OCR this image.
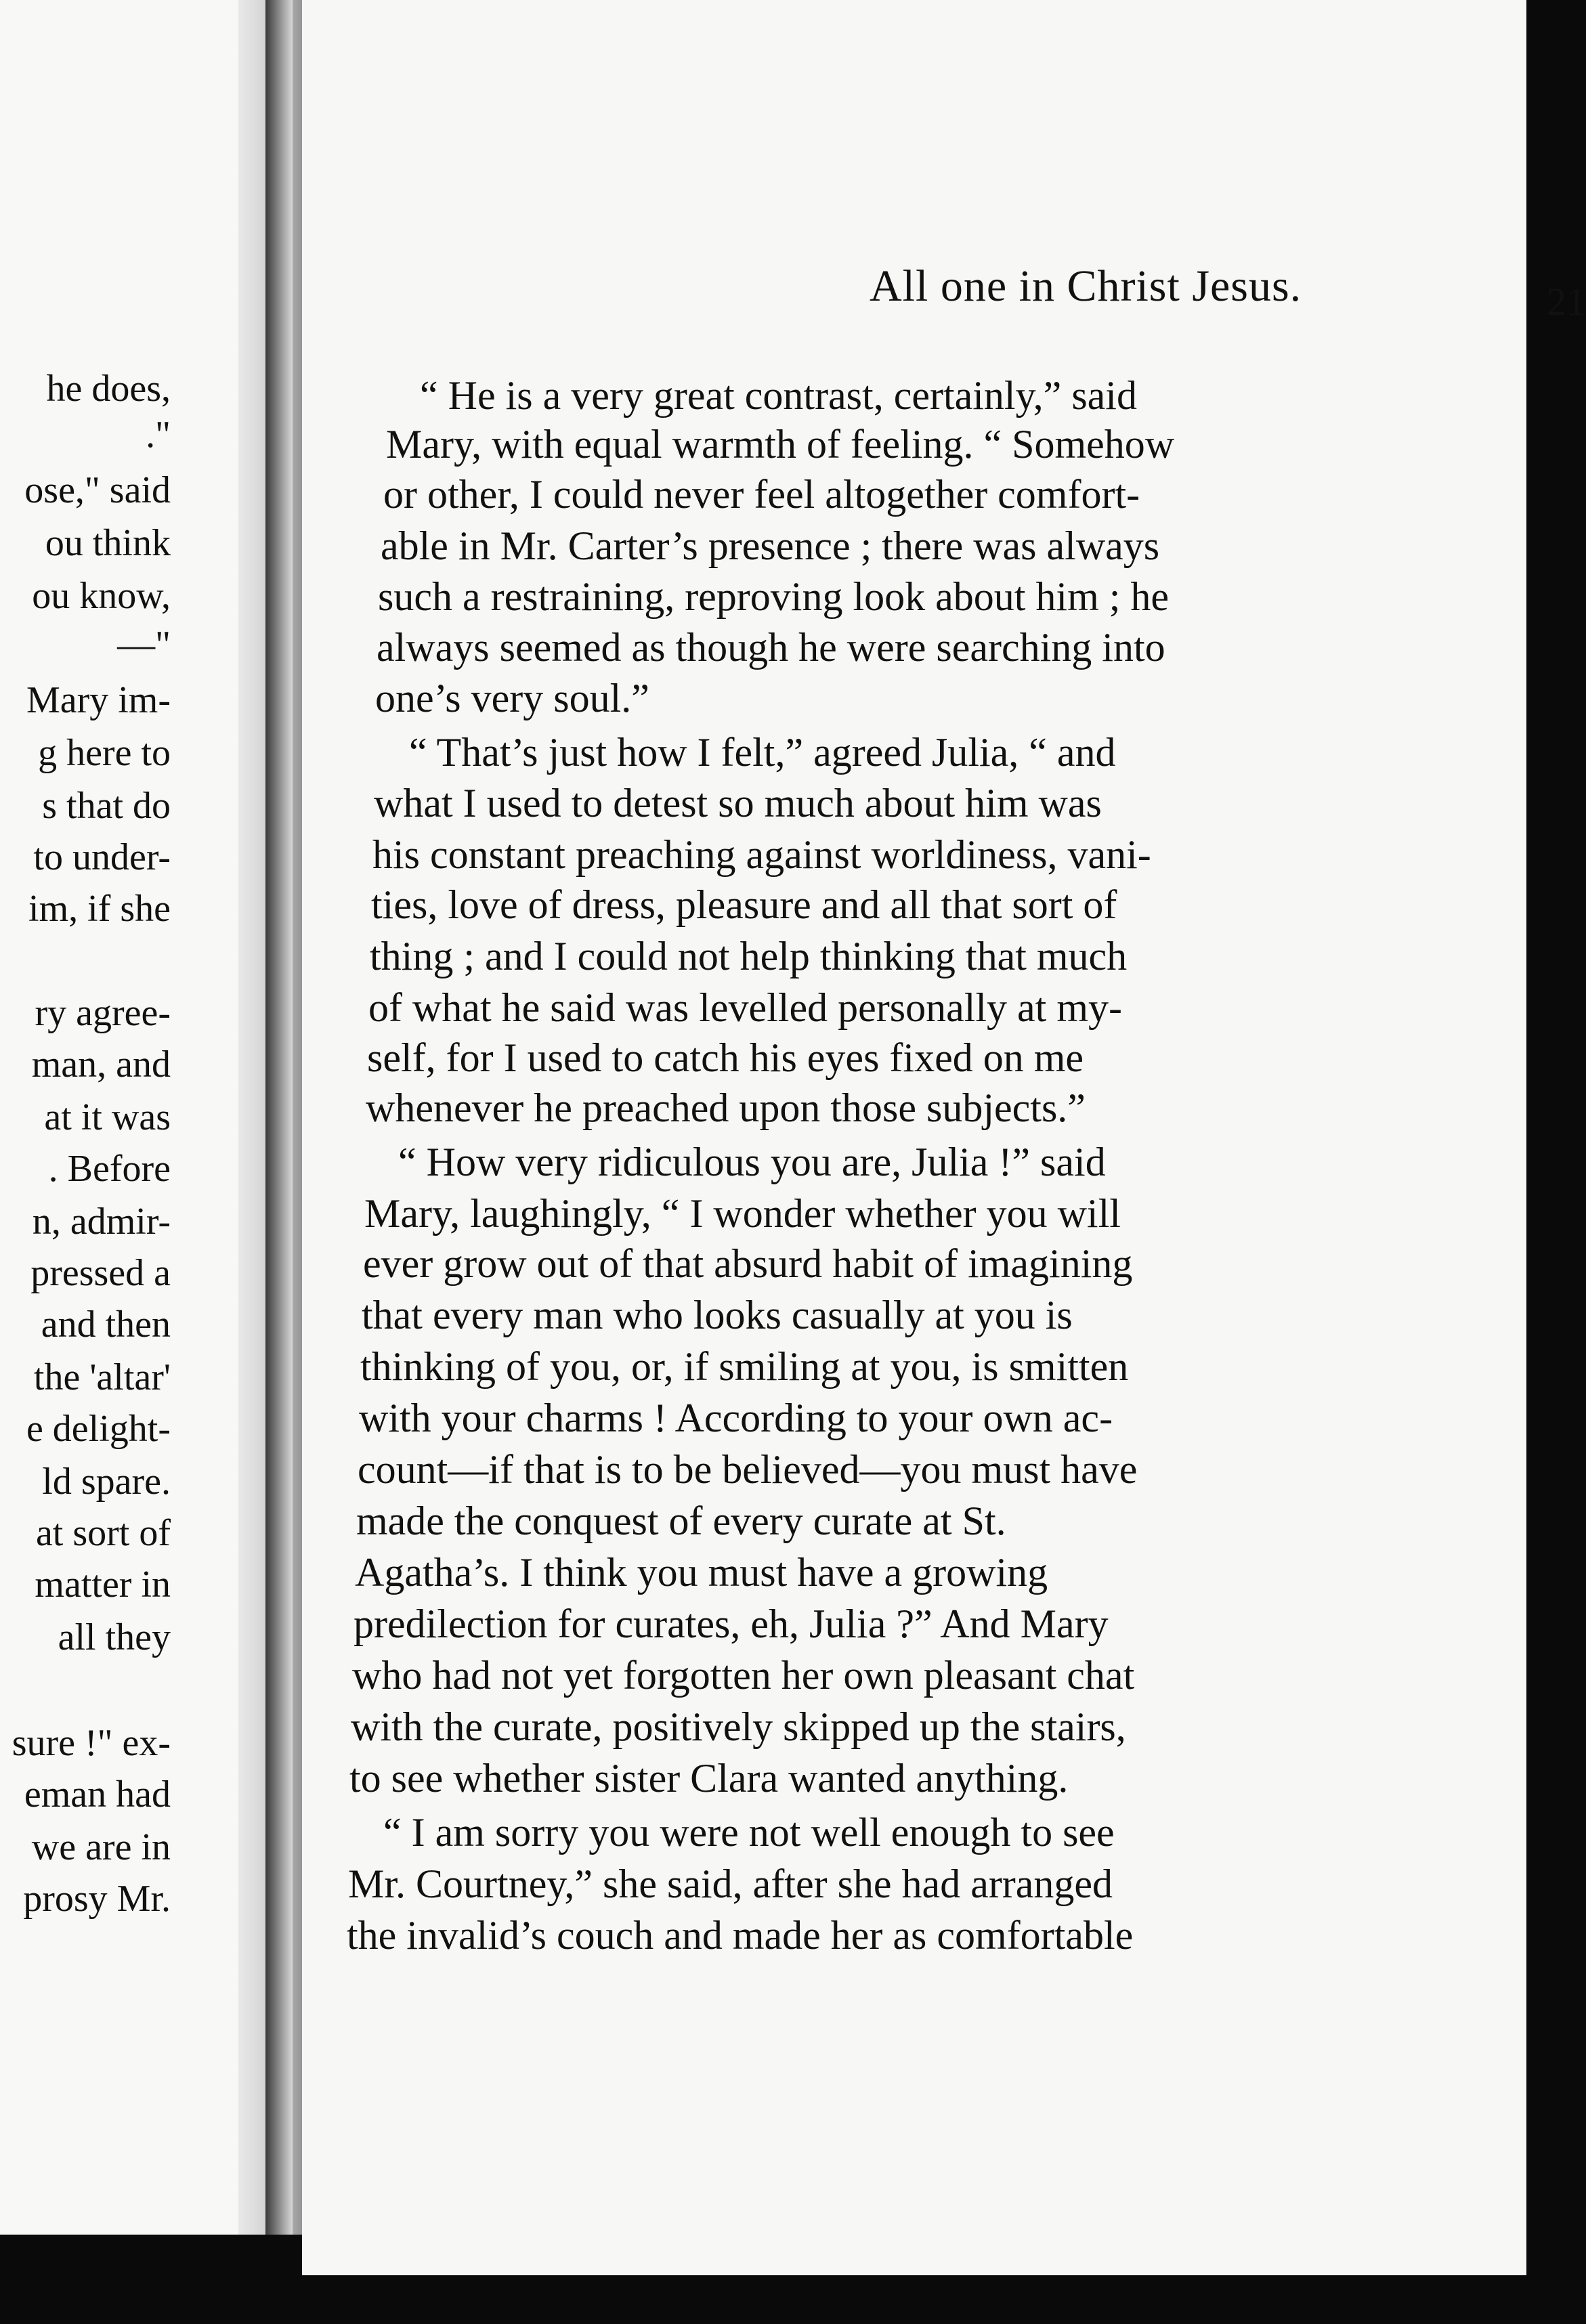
he does,
."
ose," said
ou think
ou know,
—"
Mary im-
g here to
s that do
to under-
im, if she
ry agree-
man, and
at it was
. Before
n, admir-
pressed a
and then
the 'altar'
e delight-
ld spare.
at sort of
matter in
all they
sure !" ex-
eman had
we are in
prosy Mr.
All one in Christ Jesus.	21
“ He is a very great contrast, certainly,” said
Mary, with equal warmth of feeling. “ Somehow
or other, I could never feel altogether comfort-
able in Mr. Carter’s presence ; there was always
such a restraining, reproving look about him ; he
always seemed as though he were searching into
one’s very soul.”
“ That’s just how I felt,” agreed Julia, “ and
what I used to detest so much about him was
his constant preaching against worldiness, vani-
ties, love of dress, pleasure and all that sort of
thing ; and I could not help thinking that much
of what he said was levelled personally at my-
self, for I used to catch his eyes fixed on me
whenever he preached upon those subjects.”
“ How very ridiculous you are, Julia !” said
Mary, laughingly, “ I wonder whether you will
ever grow out of that absurd habit of imagining
that every man who looks casually at you is
thinking of you, or, if smiling at you, is smitten
with your charms ! According to your own ac-
count—if that is to be believed—you must have
made the conquest of every curate at St.
Agatha’s. I think you must have a growing
predilection for curates, eh, Julia ?” And Mary
who had not yet forgotten her own pleasant chat
with the curate, positively skipped up the stairs,
to see whether sister Clara wanted anything.
“ I am sorry you were not well enough to see
Mr. Courtney,” she said, after she had arranged
the invalid’s couch and made her as comfortable
